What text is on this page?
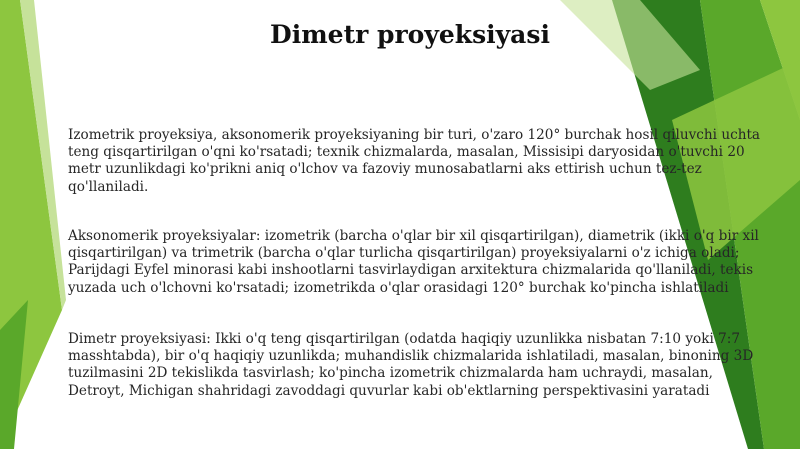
Dimetr proyeksiyasi
Izometrik proyeksiya, aksonomerik proyeksiyaning bir turi, o'zaro 120° burchak hosil qiluvchi uchta teng qisqartirilgan o'qni ko'rsatadi; texnik chizmalarda, masalan, Missisipi daryosidan o'tuvchi 20 metr uzunlikdagi ko'prikni aniq o'lchov va fazoviy munosabatlarni aks ettirish uchun tez-tez qo'llaniladi.
Aksonomerik proyeksiyalar: izometrik (barcha o'qlar bir xil qisqartirilgan), diametrik (ikki o'q bir xil qisqartirilgan) va trimetrik (barcha o'qlar turlicha qisqartirilgan) proyeksiyalarni o'z ichiga oladi; Parijdagi Eyfel minorasi kabi inshootlarni tasvirlaydigan arxitektura chizmalarida qo'llaniladi, tekis yuzada uch o'lchovni ko'rsatadi; izometrikda o'qlar orasidagi 120° burchak ko'pincha ishlatiladi
Dimetr proyeksiyasi: Ikki o'q teng qisqartirilgan (odatda haqiqiy uzunlikka nisbatan 7:10 yoki 7:7 masshtabda), bir o'q haqiqiy uzunlikda; muhandislik chizmalarida ishlatiladi, masalan, binoning 3D tuzilmasini 2D tekislikda tasvirlash; ko'pincha izometrik chizmalarda ham uchraydi, masalan, Detroyt, Michigan shahridagi zavoddagi quvurlar kabi ob'ektlarning perspektivasini yaratadi
